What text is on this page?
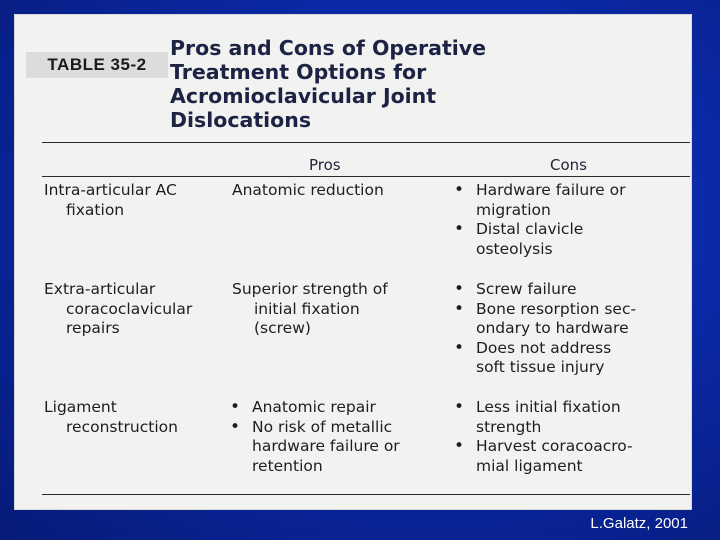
TABLE 35-2
Pros and Cons of Operative
Treatment Options for
Acromioclavicular Joint
Dislocations
Pros	Cons
Intra-articular AC
fixation
Anatomic reduction
•	Hardware failure or
migration
• Distal clavicle
osteolysis
Extra-articular
coracoclavicular
repairs
Superior strength of
initial fixation
(screw)
• Screw failure
• Bone resorption sec-
ondary to hardware
• Does not address
soft tissue injury
Ligament
reconstruction
• Anatomic repair
• No risk of metallic
hardware failure or
retention
• Less initial fixation
strength
• Harvest coracoacro-
mial ligament
L.Galatz, 2001
